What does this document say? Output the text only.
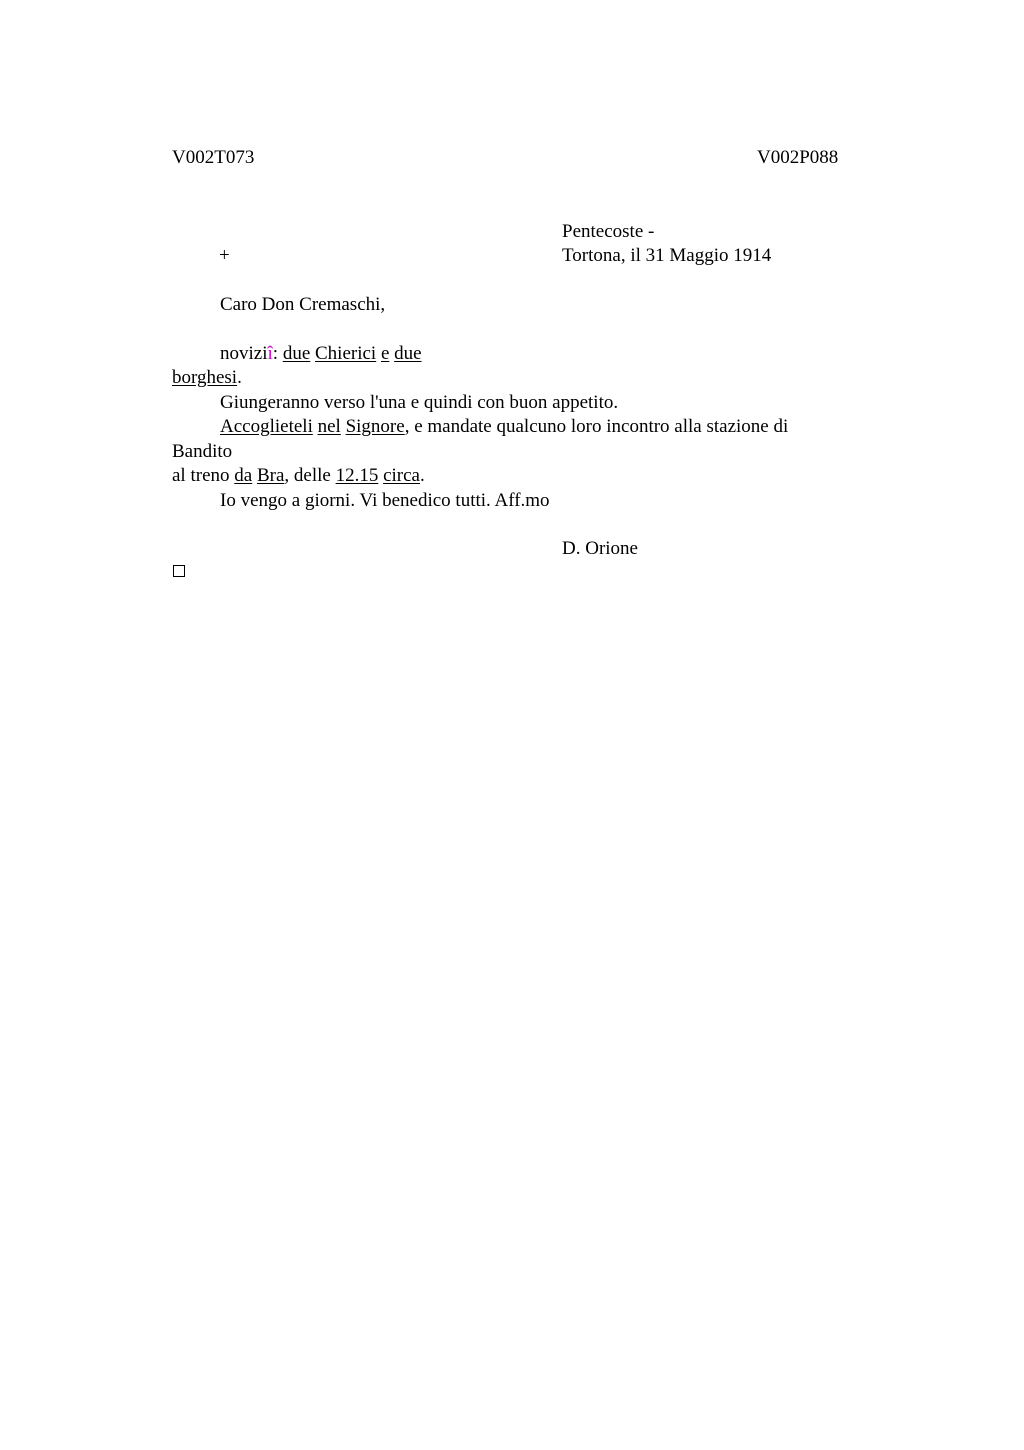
V002T073	V002P088
+
Pentecoste -
Tortona, il 31 Maggio 1914
Caro Don Cremaschi,
noviziî: due Chierici e due
borghesi.
Giungeranno verso l'una e quindi con buon appetito.
Accoglieteli nel Signore, e mandate qualcuno loro incontro alla stazione di
Bandito
al treno da Bra, delle 12.15 circa.
Io vengo a giorni. Vi benedico tutti. Aff.mo
D. Orione
